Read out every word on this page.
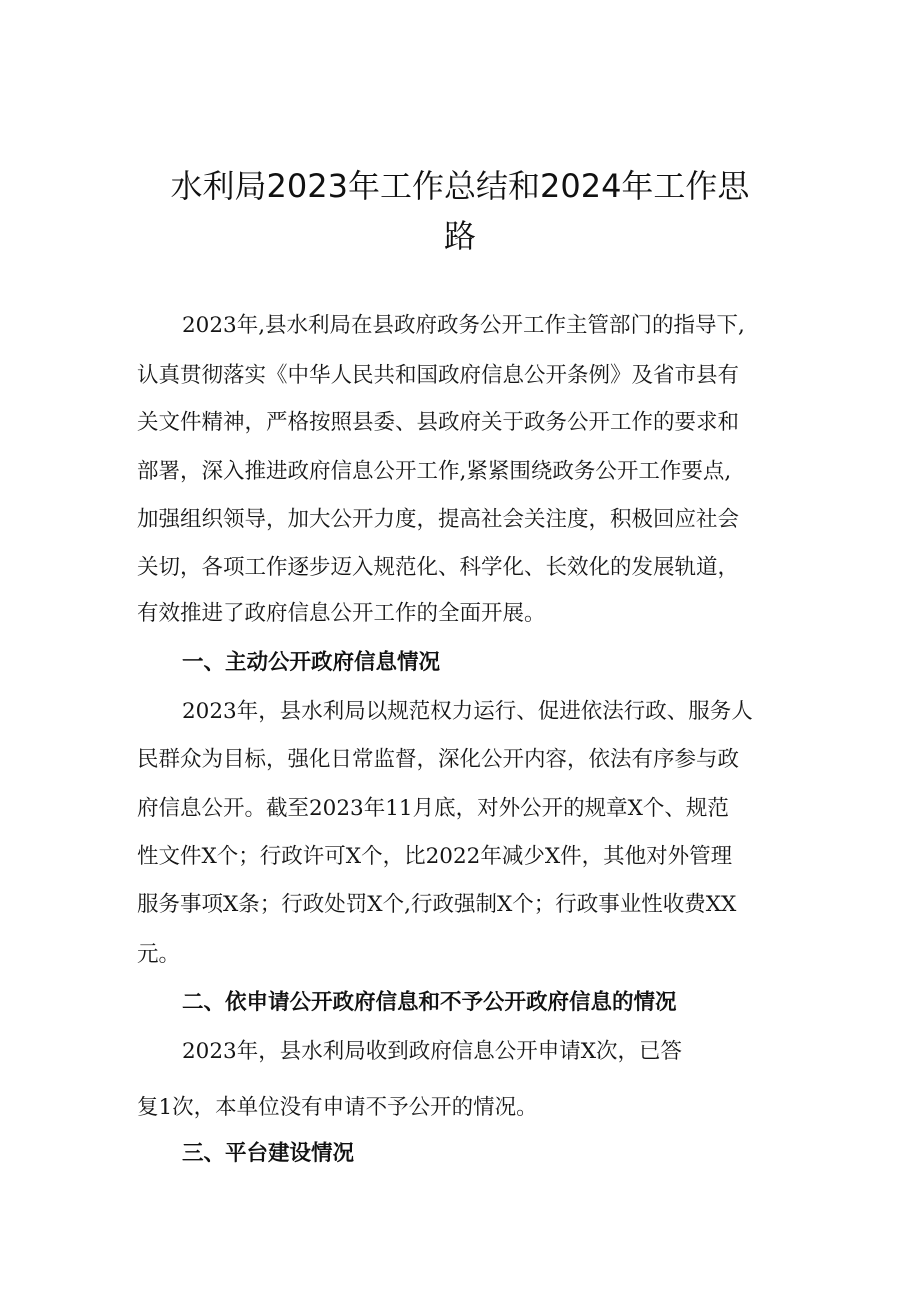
水利局2023年工作总结和2024年工作思
路

2023年,县水利局在县政府政务公开工作主管部门的指导下,

认真贯彻落实《中华人民共和国政府信息公开条例》及省市县有

关文件精神，严格按照县委、县政府关于政务公开工作的要求和

部署，深入推进政府信息公开工作,紧紧围绕政务公开工作要点,

加强组织领导，加大公开力度，提高社会关注度，积极回应社会

关切，各项工作逐步迈入规范化、科学化、长效化的发展轨道，

有效推进了政府信息公开工作的全面开展。

一、主动公开政府信息情况

2023年，县水利局以规范权力运行、促进依法行政、服务人

民群众为目标，强化日常监督，深化公开内容，依法有序参与政

府信息公开。截至2023年11月底，对外公开的规章X个、规范

性文件X个；行政许可X个，比2022年减少X件，其他对外管理

服务事项X条；行政处罚X个,行政强制X个；行政事业性收费XX

元。

二、依申请公开政府信息和不予公开政府信息的情况

2023年，县水利局收到政府信息公开申请X次，已答

复1次，本单位没有申请不予公开的情况。

三、平台建设情况
